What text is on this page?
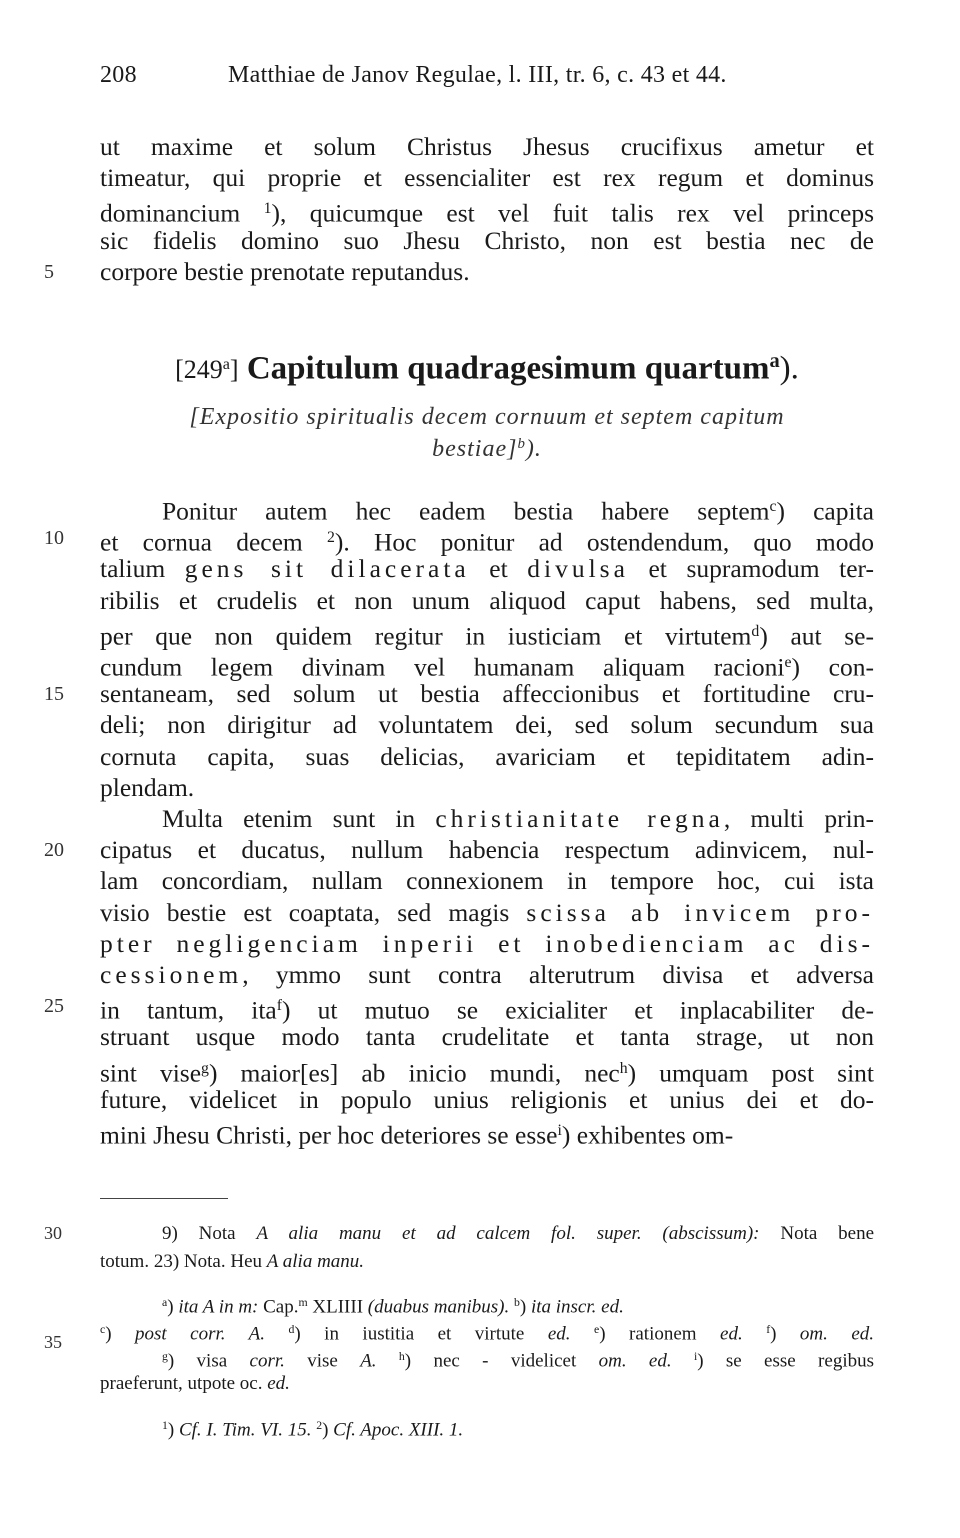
208	Matthiae de Janov Regulae, l. III, tr. 6, c. 43 et 44.
ut maxime et solum Christus Jhesus crucifixus ametur et
timeatur, qui proprie et essencialiter est rex regum et dominus
dominancium $^1$), quicumque est vel fuit talis rex vel princeps
sic fidelis domino suo Jhesu Christo, non est bestia nec de
corpore bestie prenotate reputandus.
[249$^a$] Capitulum quadragesimum quartum$^a$).
[Expositio spiritualis decem cornuum et septem capitum
bestiae]$^b$).
Ponitur autem hec eadem bestia habere septem$^c$) capita
et cornua decem $^2$). Hoc ponitur ad ostendendum, quo modo
talium gens sit dilacerata et divulsa et supramodum ter-
ribilis et crudelis et non unum aliquod caput habens, sed multa,
per que non quidem regitur in iusticiam et virtutem$^d$) aut se-
cundum legem divinam vel humanam aliquam racioni$^e$) con-
sentaneam, sed solum ut bestia affeccionibus et fortitudine cru-
deli; non dirigitur ad voluntatem dei, sed solum secundum sua
cornuta capita, suas delicias, avariciam et tepiditatem adin-
plendam.
Multa etenim sunt in christianitate regna, multi prin-
cipatus et ducatus, nullum habencia respectum adinvicem, nul-
lam concordiam, nullam connexionem in tempore hoc, cui ista
visio bestie est coaptata, sed magis scissa ab invicem pro-
pter negligenciam inperii et inobedienciam ac dis-
cessionem, ymmo sunt contra alterutrum divisa et adversa
in tantum, ita$^f$) ut mutuo se exicialiter et inplacabiliter de-
struant usque modo tanta crudelitate et tanta strage, ut non
sint vise$^g$) maior[es] ab inicio mundi, nec$^h$) umquam post sint
future, videlicet in populo unius religionis et unius dei et do-
mini Jhesu Christi, per hoc deteriores se esse$^i$) exhibentes om-
5
10
15
20
25
30
35
9) Nota A alia manu et ad calcem fol. super. (abscissum): Nota bene
totum. 23) Nota. Heu A alia manu.
$^a$) ita A in m: Cap.$^m$ XLIIII (duabus manibus). $^b$) ita inscr. ed.
$^c$) post corr. A. $^d$) in iustitia et virtute ed. $^e$) rationem ed. $^f$) om. ed.
$^g$) visa corr. vise A. $^h$) nec - videlicet om. ed. $^i$) se esse regibus
praeferunt, utpote oc. ed.
$^1$) Cf. I. Tim. VI. 15. $^2$) Cf. Apoc. XIII. 1.
